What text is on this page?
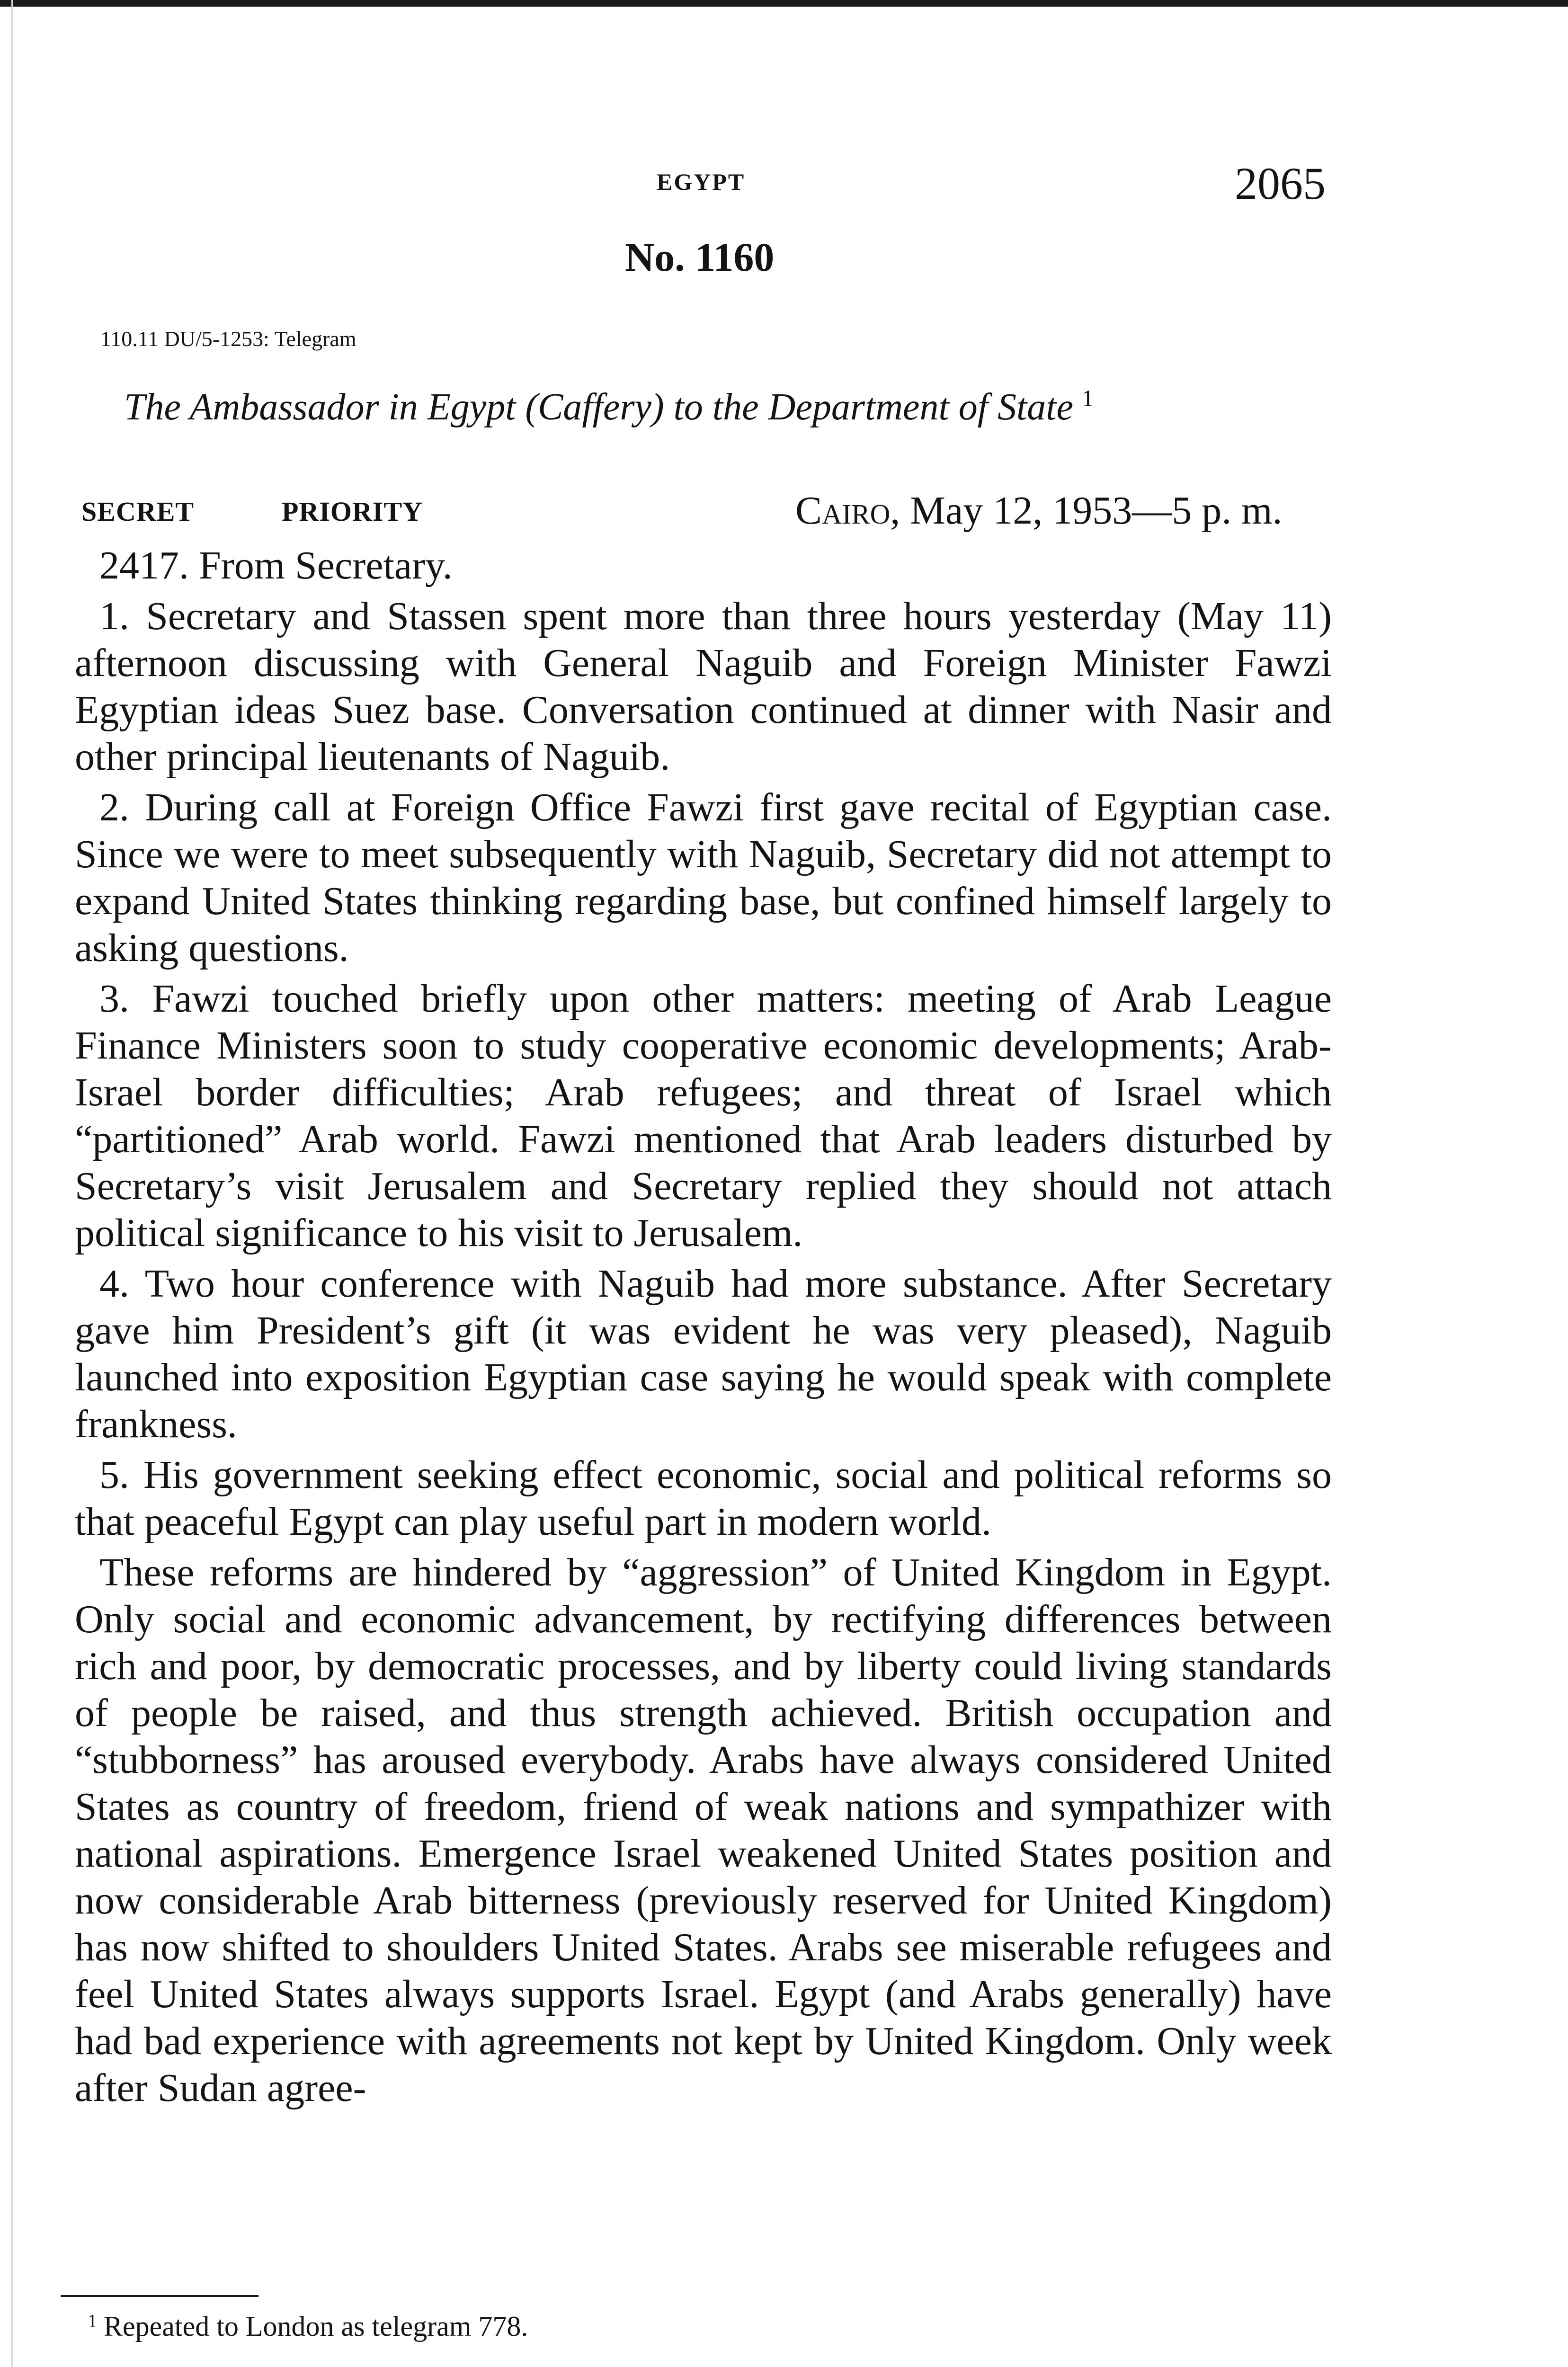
EGYPT	2065
No. 1160
110.11 DU/5-1253: Telegram
The Ambassador in Egypt (Caffery) to the Department of State $^1$
SECRET	PRIORITY	Cairo, May 12, 1953—5 p. m.

2417. From Secretary.

1. Secretary and Stassen spent more than three hours yesterday (May 11) afternoon discussing with General Naguib and Foreign Minister Fawzi Egyptian ideas Suez base. Conversation continued at dinner with Nasir and other principal lieutenants of Naguib.

2. During call at Foreign Office Fawzi first gave recital of Egyptian case. Since we were to meet subsequently with Naguib, Secretary did not attempt to expand United States thinking regarding base, but confined himself largely to asking questions.

3. Fawzi touched briefly upon other matters: meeting of Arab League Finance Ministers soon to study cooperative economic developments; Arab-Israel border difficulties; Arab refugees; and threat of Israel which “partitioned” Arab world. Fawzi mentioned that Arab leaders disturbed by Secretary’s visit Jerusalem and Secretary replied they should not attach political significance to his visit to Jerusalem.

4. Two hour conference with Naguib had more substance. After Secretary gave him President’s gift (it was evident he was very pleased), Naguib launched into exposition Egyptian case saying he would speak with complete frankness.

5. His government seeking effect economic, social and political reforms so that peaceful Egypt can play useful part in modern world.

These reforms are hindered by “aggression” of United Kingdom in Egypt. Only social and economic advancement, by rectifying differences between rich and poor, by democratic processes, and by liberty could living standards of people be raised, and thus strength achieved. British occupation and “stubborness” has aroused everybody. Arabs have always considered United States as country of freedom, friend of weak nations and sympathizer with national aspirations. Emergence Israel weakened United States position and now considerable Arab bitterness (previously reserved for United Kingdom) has now shifted to shoulders United States. Arabs see miserable refugees and feel United States always supports Israel. Egypt (and Arabs generally) have had bad experience with agreements not kept by United Kingdom. Only week after Sudan agree-

$^1$ Repeated to London as telegram 778.
